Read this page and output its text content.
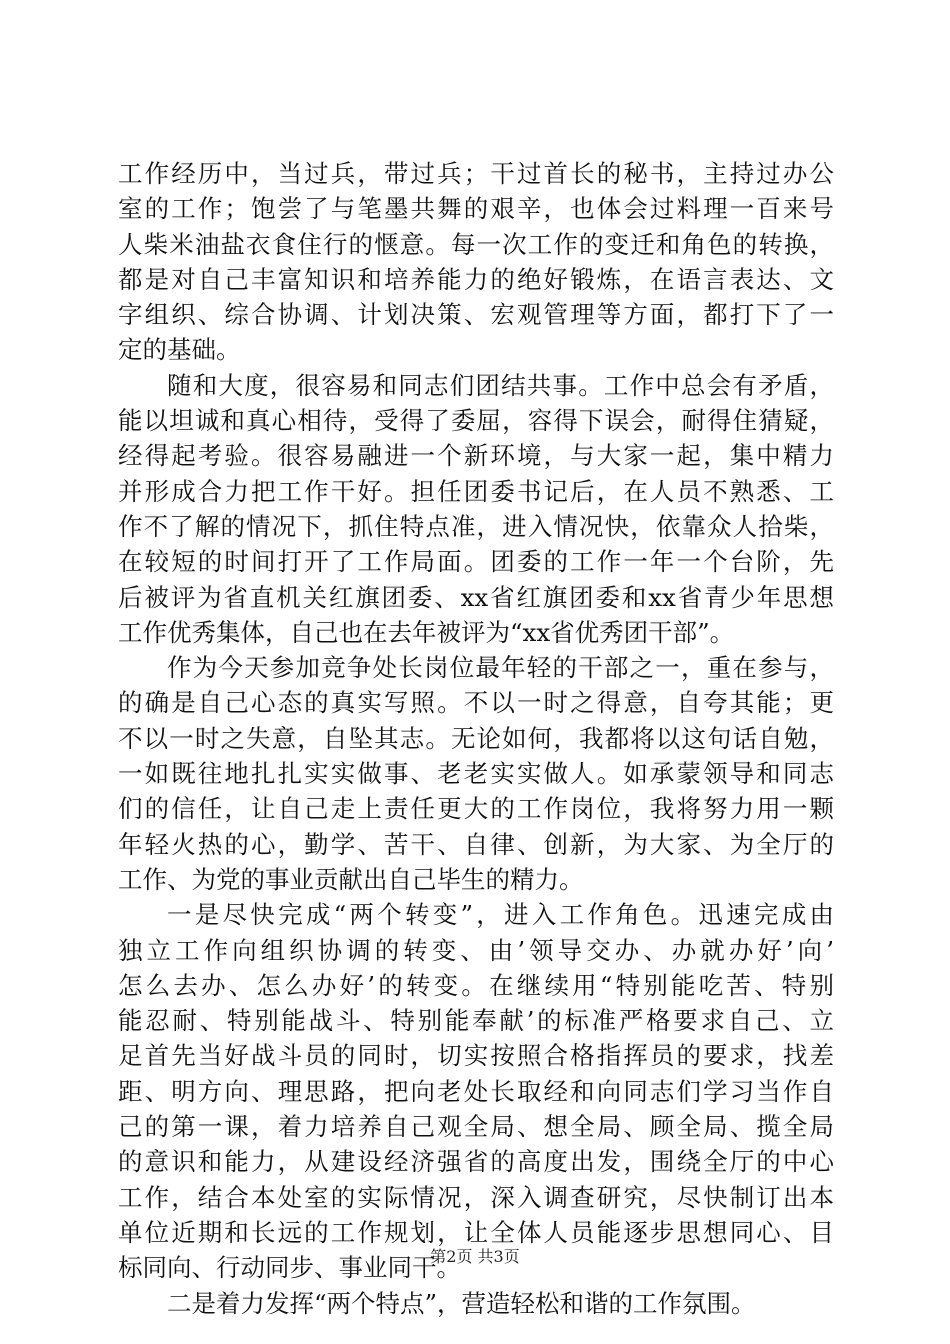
工作经历中，当过兵，带过兵；干过首长的秘书，主持过办公
室的工作；饱尝了与笔墨共舞的艰辛，也体会过料理一百来号
人柴米油盐衣食住行的惬意。每一次工作的变迁和角色的转换，
都是对自己丰富知识和培养能力的绝好锻炼，在语言表达、文
字组织、综合协调、计划决策、宏观管理等方面，都打下了一
定的基础。
随和大度，很容易和同志们团结共事。工作中总会有矛盾，
能以坦诚和真心相待，受得了委屈，容得下误会，耐得住猜疑，
经得起考验。很容易融进一个新环境，与大家一起，集中精力
并形成合力把工作干好。担任团委书记后，在人员不熟悉、工
作不了解的情况下，抓住特点准，进入情况快，依靠众人拾柴，
在较短的时间打开了工作局面。团委的工作一年一个台阶，先
后被评为省直机关红旗团委、xx省红旗团委和xx省青少年思想
工作优秀集体，自己也在去年被评为“xx省优秀团干部”。
作为今天参加竞争处长岗位最年轻的干部之一，重在参与，
的确是自己心态的真实写照。不以一时之得意，自夸其能；更
不以一时之失意，自坠其志。无论如何，我都将以这句话自勉，
一如既往地扎扎实实做事、老老实实做人。如承蒙领导和同志
们的信任，让自己走上责任更大的工作岗位，我将努力用一颗
年轻火热的心，勤学、苦干、自律、创新，为大家、为全厅的
工作、为党的事业贡献出自己毕生的精力。
一是尽快完成“两个转变”，进入工作角色。迅速完成由
独立工作向组织协调的转变、由’领导交办、办就办好’向’
怎么去办、怎么办好’的转变。在继续用“特别能吃苦、特别
能忍耐、特别能战斗、特别能奉献’的标准严格要求自己、立
足首先当好战斗员的同时，切实按照合格指挥员的要求，找差
距、明方向、理思路，把向老处长取经和向同志们学习当作自
己的第一课，着力培养自己观全局、想全局、顾全局、揽全局
的意识和能力，从建设经济强省的高度出发，围绕全厅的中心
工作，结合本处室的实际情况，深入调查研究，尽快制订出本
单位近期和长远的工作规划，让全体人员能逐步思想同心、目
标同向、行动同步、事业同干。
二是着力发挥“两个特点”，营造轻松和谐的工作氛围。
第2页 共3页
